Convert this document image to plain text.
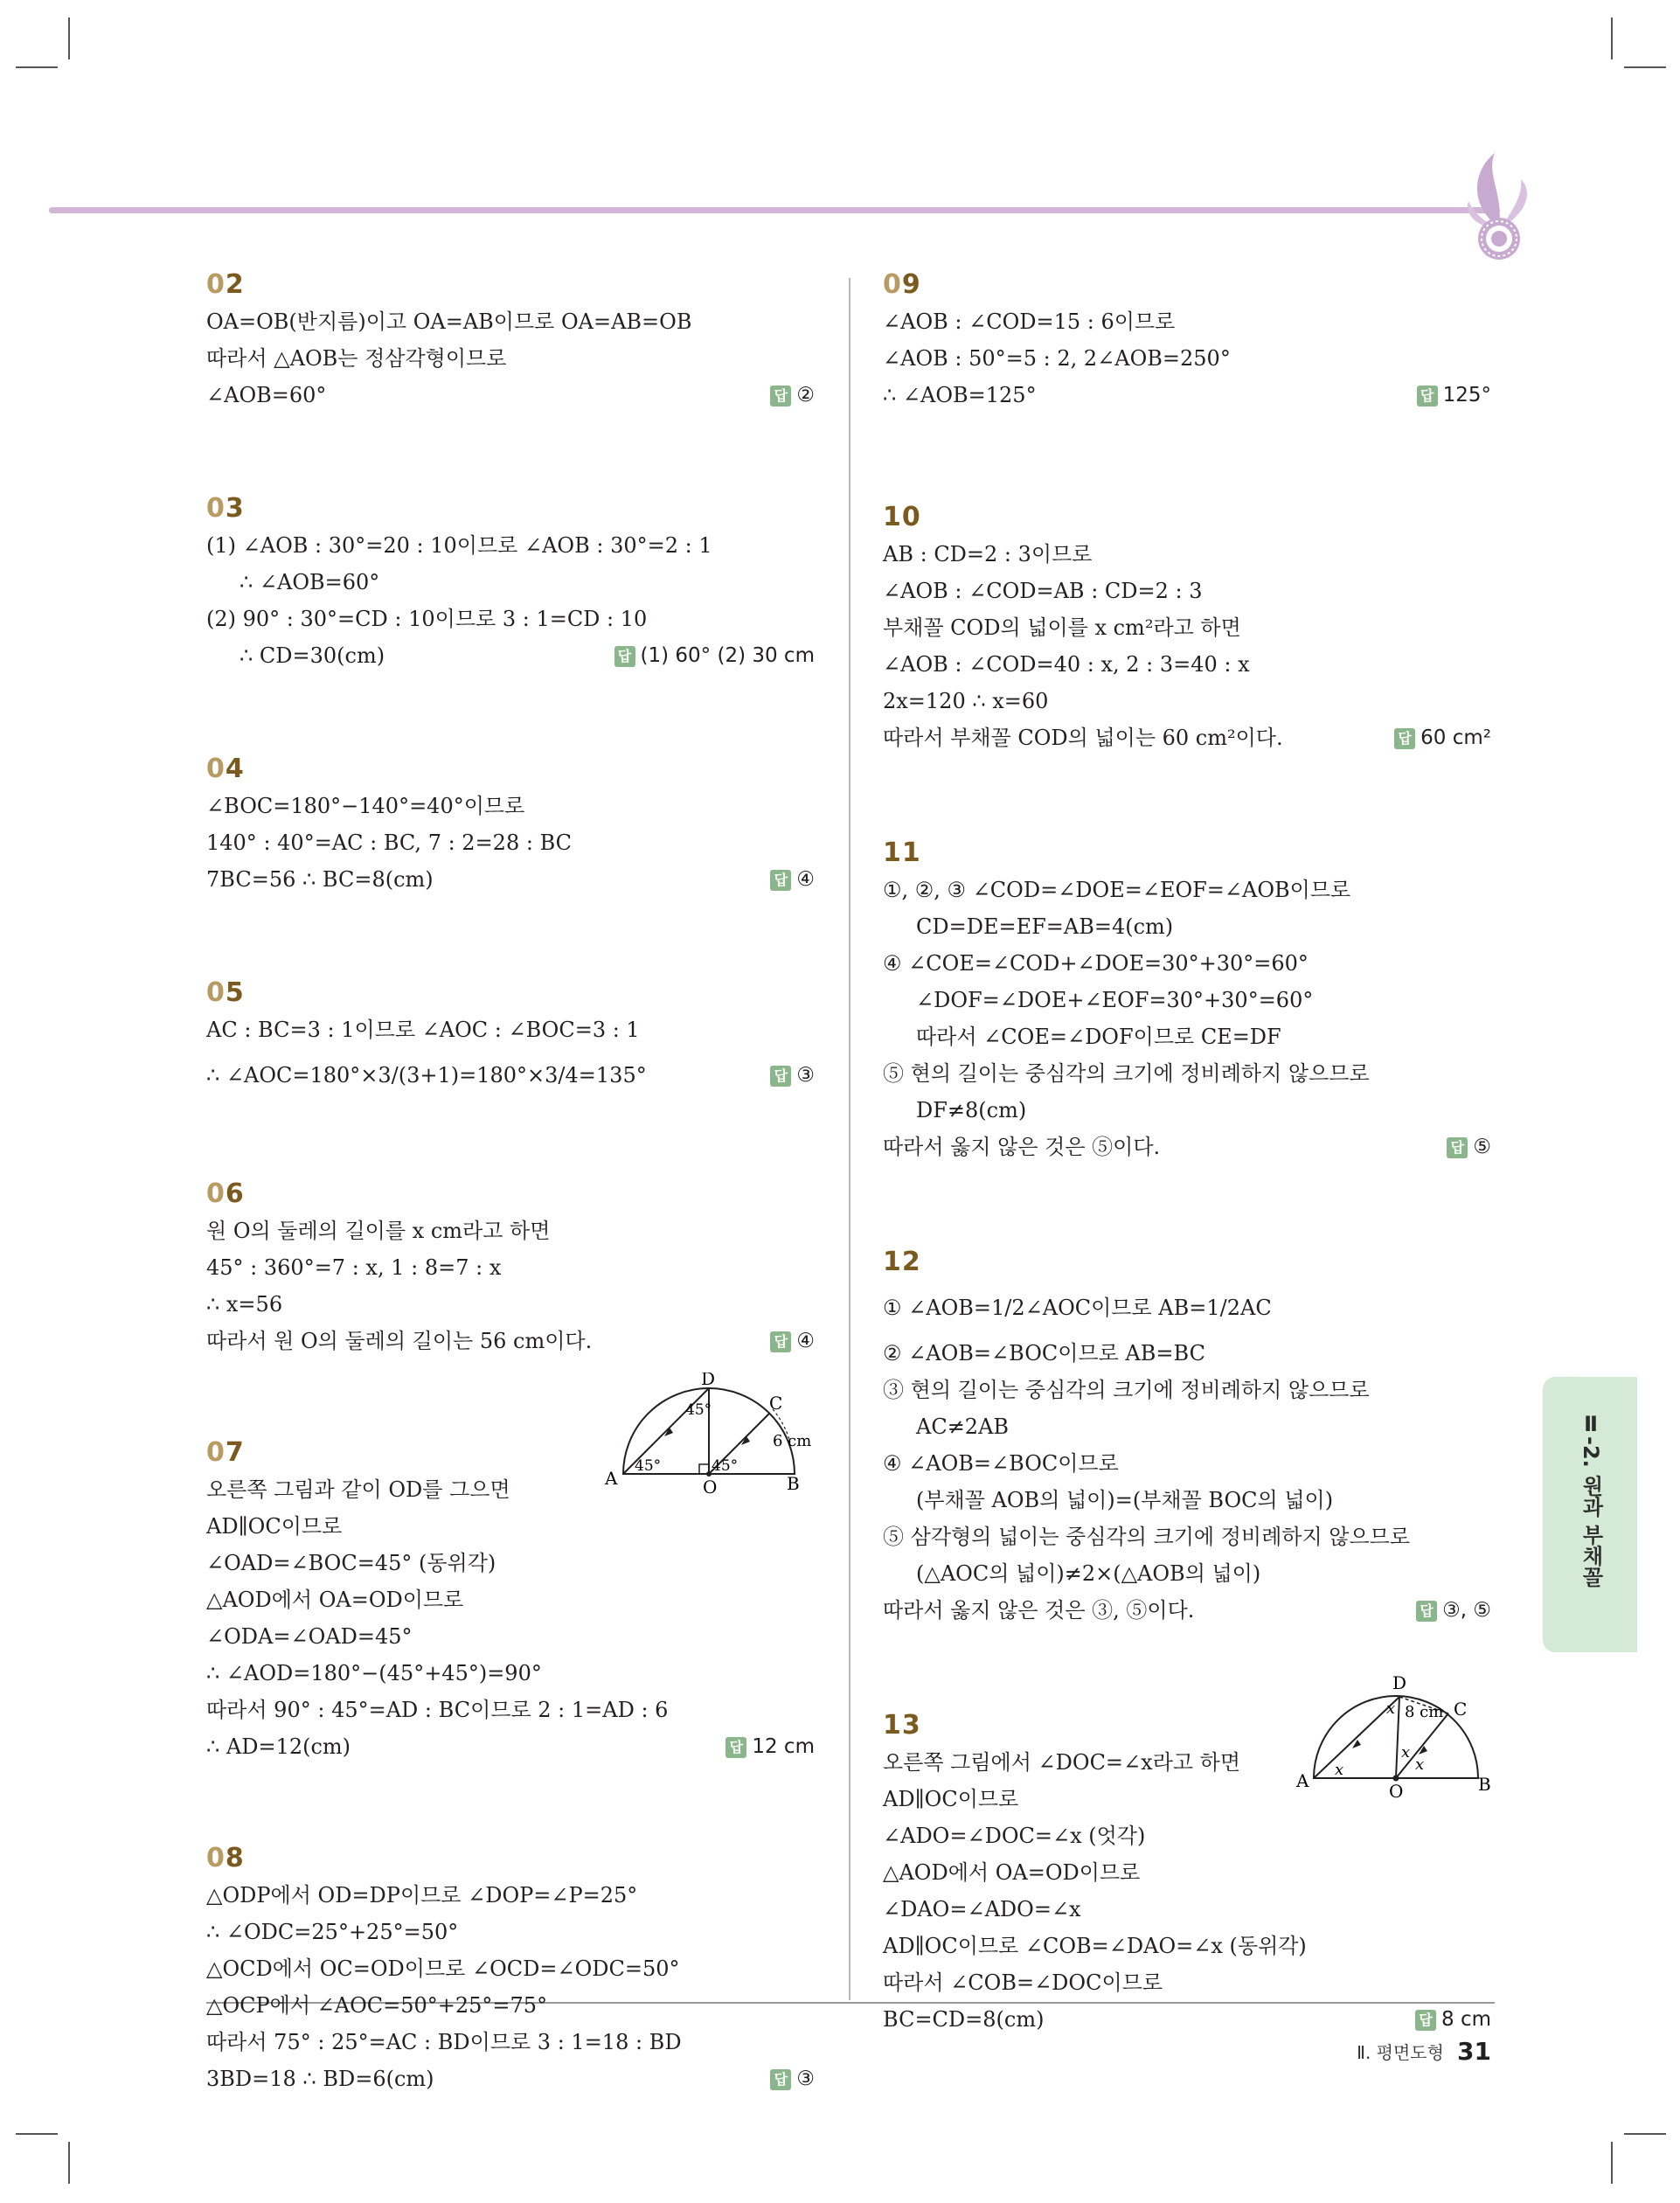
02
OA=OB(반지름)이고 OA=AB이므로 OA=AB=OB
따라서 △AOB는 정삼각형이므로
∠AOB=60°	답 ②
03
(1) ∠AOB : 30°=20 : 10이므로 ∠AOB : 30°=2 : 1
∴ ∠AOB=60°
(2) 90° : 30°=CD : 10이므로 3 : 1=CD : 10
∴ CD=30(cm)	답 (1) 60° (2) 30 cm
04
∠BOC=180°−140°=40°이므로
140° : 40°=AC : BC, 7 : 2=28 : BC
7BC=56 ∴ BC=8(cm)	답 ④
05
AC : BC=3 : 1이므로 ∠AOC : ∠BOC=3 : 1
∴ ∠AOC=180°×3/(3+1)=180°×3/4=135°	답 ③
06
원 O의 둘레의 길이를 x cm라고 하면
45° : 360°=7 : x, 1 : 8=7 : x
∴ x=56
따라서 원 O의 둘레의 길이는 56 cm이다.	답 ④
07
오른쪽 그림과 같이 OD를 그으면
AD∥OC이므로
∠OAD=∠BOC=45° (동위각)
△AOD에서 OA=OD이므로
∠ODA=∠OAD=45°
∴ ∠AOD=180°−(45°+45°)=90°
따라서 90° : 45°=AD : BC이므로 2 : 1=AD : 6
∴ AD=12(cm)	답 12 cm
08
△ODP에서 OD=DP이므로 ∠DOP=∠P=25°
∴ ∠ODC=25°+25°=50°
△OCD에서 OC=OD이므로 ∠OCD=∠ODC=50°
△OCP에서 ∠AOC=50°+25°=75°
따라서 75° : 25°=AC : BD이므로 3 : 1=18 : BD
3BD=18 ∴ BD=6(cm)	답 ③
09
∠AOB : ∠COD=15 : 6이므로
∠AOB : 50°=5 : 2, 2∠AOB=250°
∴ ∠AOB=125°	답 125°
10
AB : CD=2 : 3이므로
∠AOB : ∠COD=AB : CD=2 : 3
부채꼴 COD의 넓이를 x cm²라고 하면
∠AOB : ∠COD=40 : x, 2 : 3=40 : x
2x=120 ∴ x=60
따라서 부채꼴 COD의 넓이는 60 cm²이다.	답 60 cm²
11
①, ②, ③ ∠COD=∠DOE=∠EOF=∠AOB이므로
CD=DE=EF=AB=4(cm)
④ ∠COE=∠COD+∠DOE=30°+30°=60°
∠DOF=∠DOE+∠EOF=30°+30°=60°
따라서 ∠COE=∠DOF이므로 CE=DF
⑤ 현의 길이는 중심각의 크기에 정비례하지 않으므로
DF≠8(cm)
따라서 옳지 않은 것은 ⑤이다.	답 ⑤
12
① ∠AOB=1/2∠AOC이므로 AB=1/2AC
② ∠AOB=∠BOC이므로 AB=BC
③ 현의 길이는 중심각의 크기에 정비례하지 않으므로
AC≠2AB
④ ∠AOB=∠BOC이므로
(부채꼴 AOB의 넓이)=(부채꼴 BOC의 넓이)
⑤ 삼각형의 넓이는 중심각의 크기에 정비례하지 않으므로
(△AOC의 넓이)≠2×(△AOB의 넓이)
따라서 옳지 않은 것은 ③, ⑤이다.	답 ③, ⑤
13
오른쪽 그림에서 ∠DOC=∠x라고 하면
AD∥OC이므로
∠ADO=∠DOC=∠x (엇각)
△AOD에서 OA=OD이므로
∠DAO=∠ADO=∠x
AD∥OC이므로 ∠COB=∠DAO=∠x (동위각)
따라서 ∠COB=∠DOC이므로
BC=CD=8(cm)	답 8 cm
A	O	B
C
D
45°
45°
45°
6 cm
A	O	B
C
D
8 cm
x
x
x
x
Ⅱ-2. 원과 부채꼴
Ⅱ. 평면도형 31
